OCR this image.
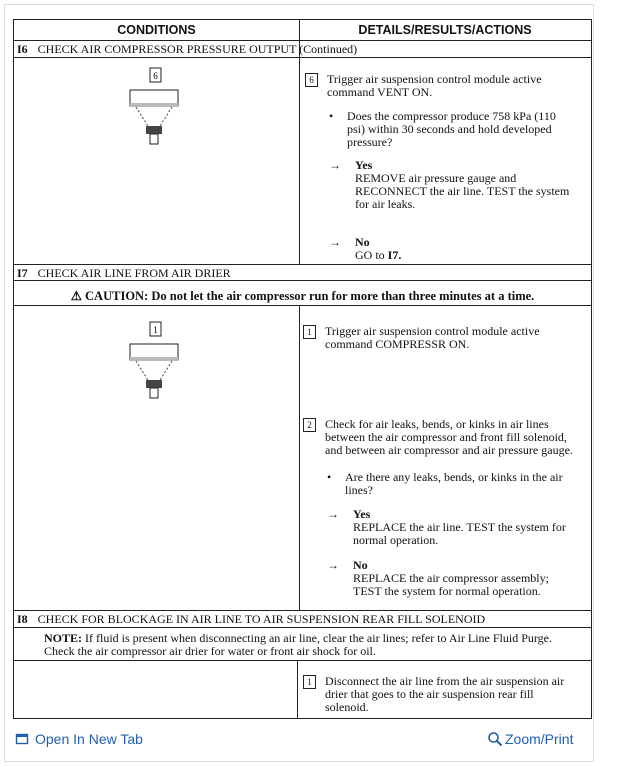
CONDITIONS	DETAILS/RESULTS/ACTIONS
I6 CHECK AIR COMPRESSOR PRESSURE OUTPUT (Continued)
6	6	Trigger air suspension control module active
command VENT ON.
•	Does the compressor produce 758 kPa (110
psi) within 30 seconds and hold developed
pressure?
→	Yes
REMOVE air pressure gauge and
RECONNECT the air line. TEST the system
for air leaks.
→	No
GO to I7.
I7 CHECK AIR LINE FROM AIR DRIER
⚠ CAUTION: Do not let the air compressor run for more than three minutes at a time.
1	1	Trigger air suspension control module active
command COMPRESSR ON.
2	Check for air leaks, bends, or kinks in air lines
between the air compressor and front fill solenoid,
and between air compressor and air pressure gauge.
•	Are there any leaks, bends, or kinks in the air
lines?
→	Yes
REPLACE the air line. TEST the system for
normal operation.
→	No
REPLACE the air compressor assembly;
TEST the system for normal operation.
I8 CHECK FOR BLOCKAGE IN AIR LINE TO AIR SUSPENSION REAR FILL SOLENOID
NOTE: If fluid is present when disconnecting an air line, clear the air lines; refer to Air Line Fluid Purge.
Check the air compressor air drier for water or front air shock for oil.
1	Disconnect the air line from the air suspension air
drier that goes to the air suspension rear fill
solenoid.
Open In New Tab	Zoom/Print
